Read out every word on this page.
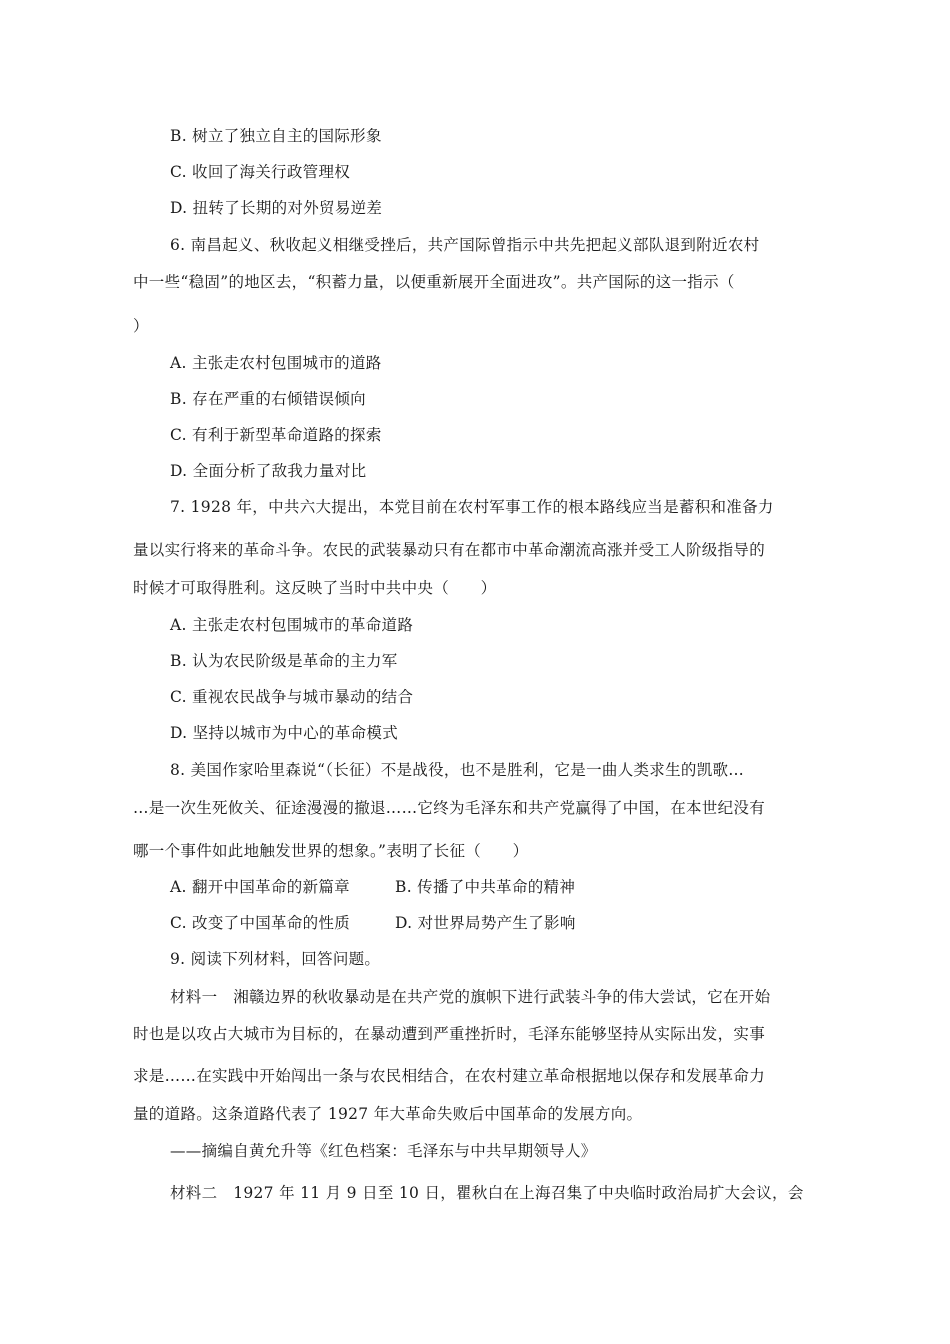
B. 树立了独立自主的国际形象
C. 收回了海关行政管理权
D. 扭转了长期的对外贸易逆差
6. 南昌起义、秋收起义相继受挫后，共产国际曾指示中共先把起义部队退到附近农村
中一些“稳固”的地区去，“积蓄力量，以便重新展开全面进攻”。共产国际的这一指示（
）
A. 主张走农村包围城市的道路
B. 存在严重的右倾错误倾向
C. 有利于新型革命道路的探索
D. 全面分析了敌我力量对比
7. 1928 年，中共六大提出，本党目前在农村军事工作的根本路线应当是蓄积和准备力
量以实行将来的革命斗争。农民的武装暴动只有在都市中革命潮流高涨并受工人阶级指导的
时候才可取得胜利。这反映了当时中共中央（　　）
A. 主张走农村包围城市的革命道路
B. 认为农民阶级是革命的主力军
C. 重视农民战争与城市暴动的结合
D. 坚持以城市为中心的革命模式
8. 美国作家哈里森说“（长征）不是战役，也不是胜利，它是一曲人类求生的凯歌…
…是一次生死攸关、征途漫漫的撤退……它终为毛泽东和共产党赢得了中国，在本世纪没有
哪一个事件如此地触发世界的想象。”表明了长征（　　）
A. 翻开中国革命的新篇章	B. 传播了中共革命的精神
C. 改变了中国革命的性质	D. 对世界局势产生了影响
9. 阅读下列材料，回答问题。
材料一　湘赣边界的秋收暴动是在共产党的旗帜下进行武装斗争的伟大尝试，它在开始
时也是以攻占大城市为目标的，在暴动遭到严重挫折时，毛泽东能够坚持从实际出发，实事
求是……在实践中开始闯出一条与农民相结合，在农村建立革命根据地以保存和发展革命力
量的道路。这条道路代表了 1927 年大革命失败后中国革命的发展方向。
——摘编自黄允升等《红色档案：毛泽东与中共早期领导人》
材料二　1927 年 11 月 9 日至 10 日，瞿秋白在上海召集了中央临时政治局扩大会议，会
